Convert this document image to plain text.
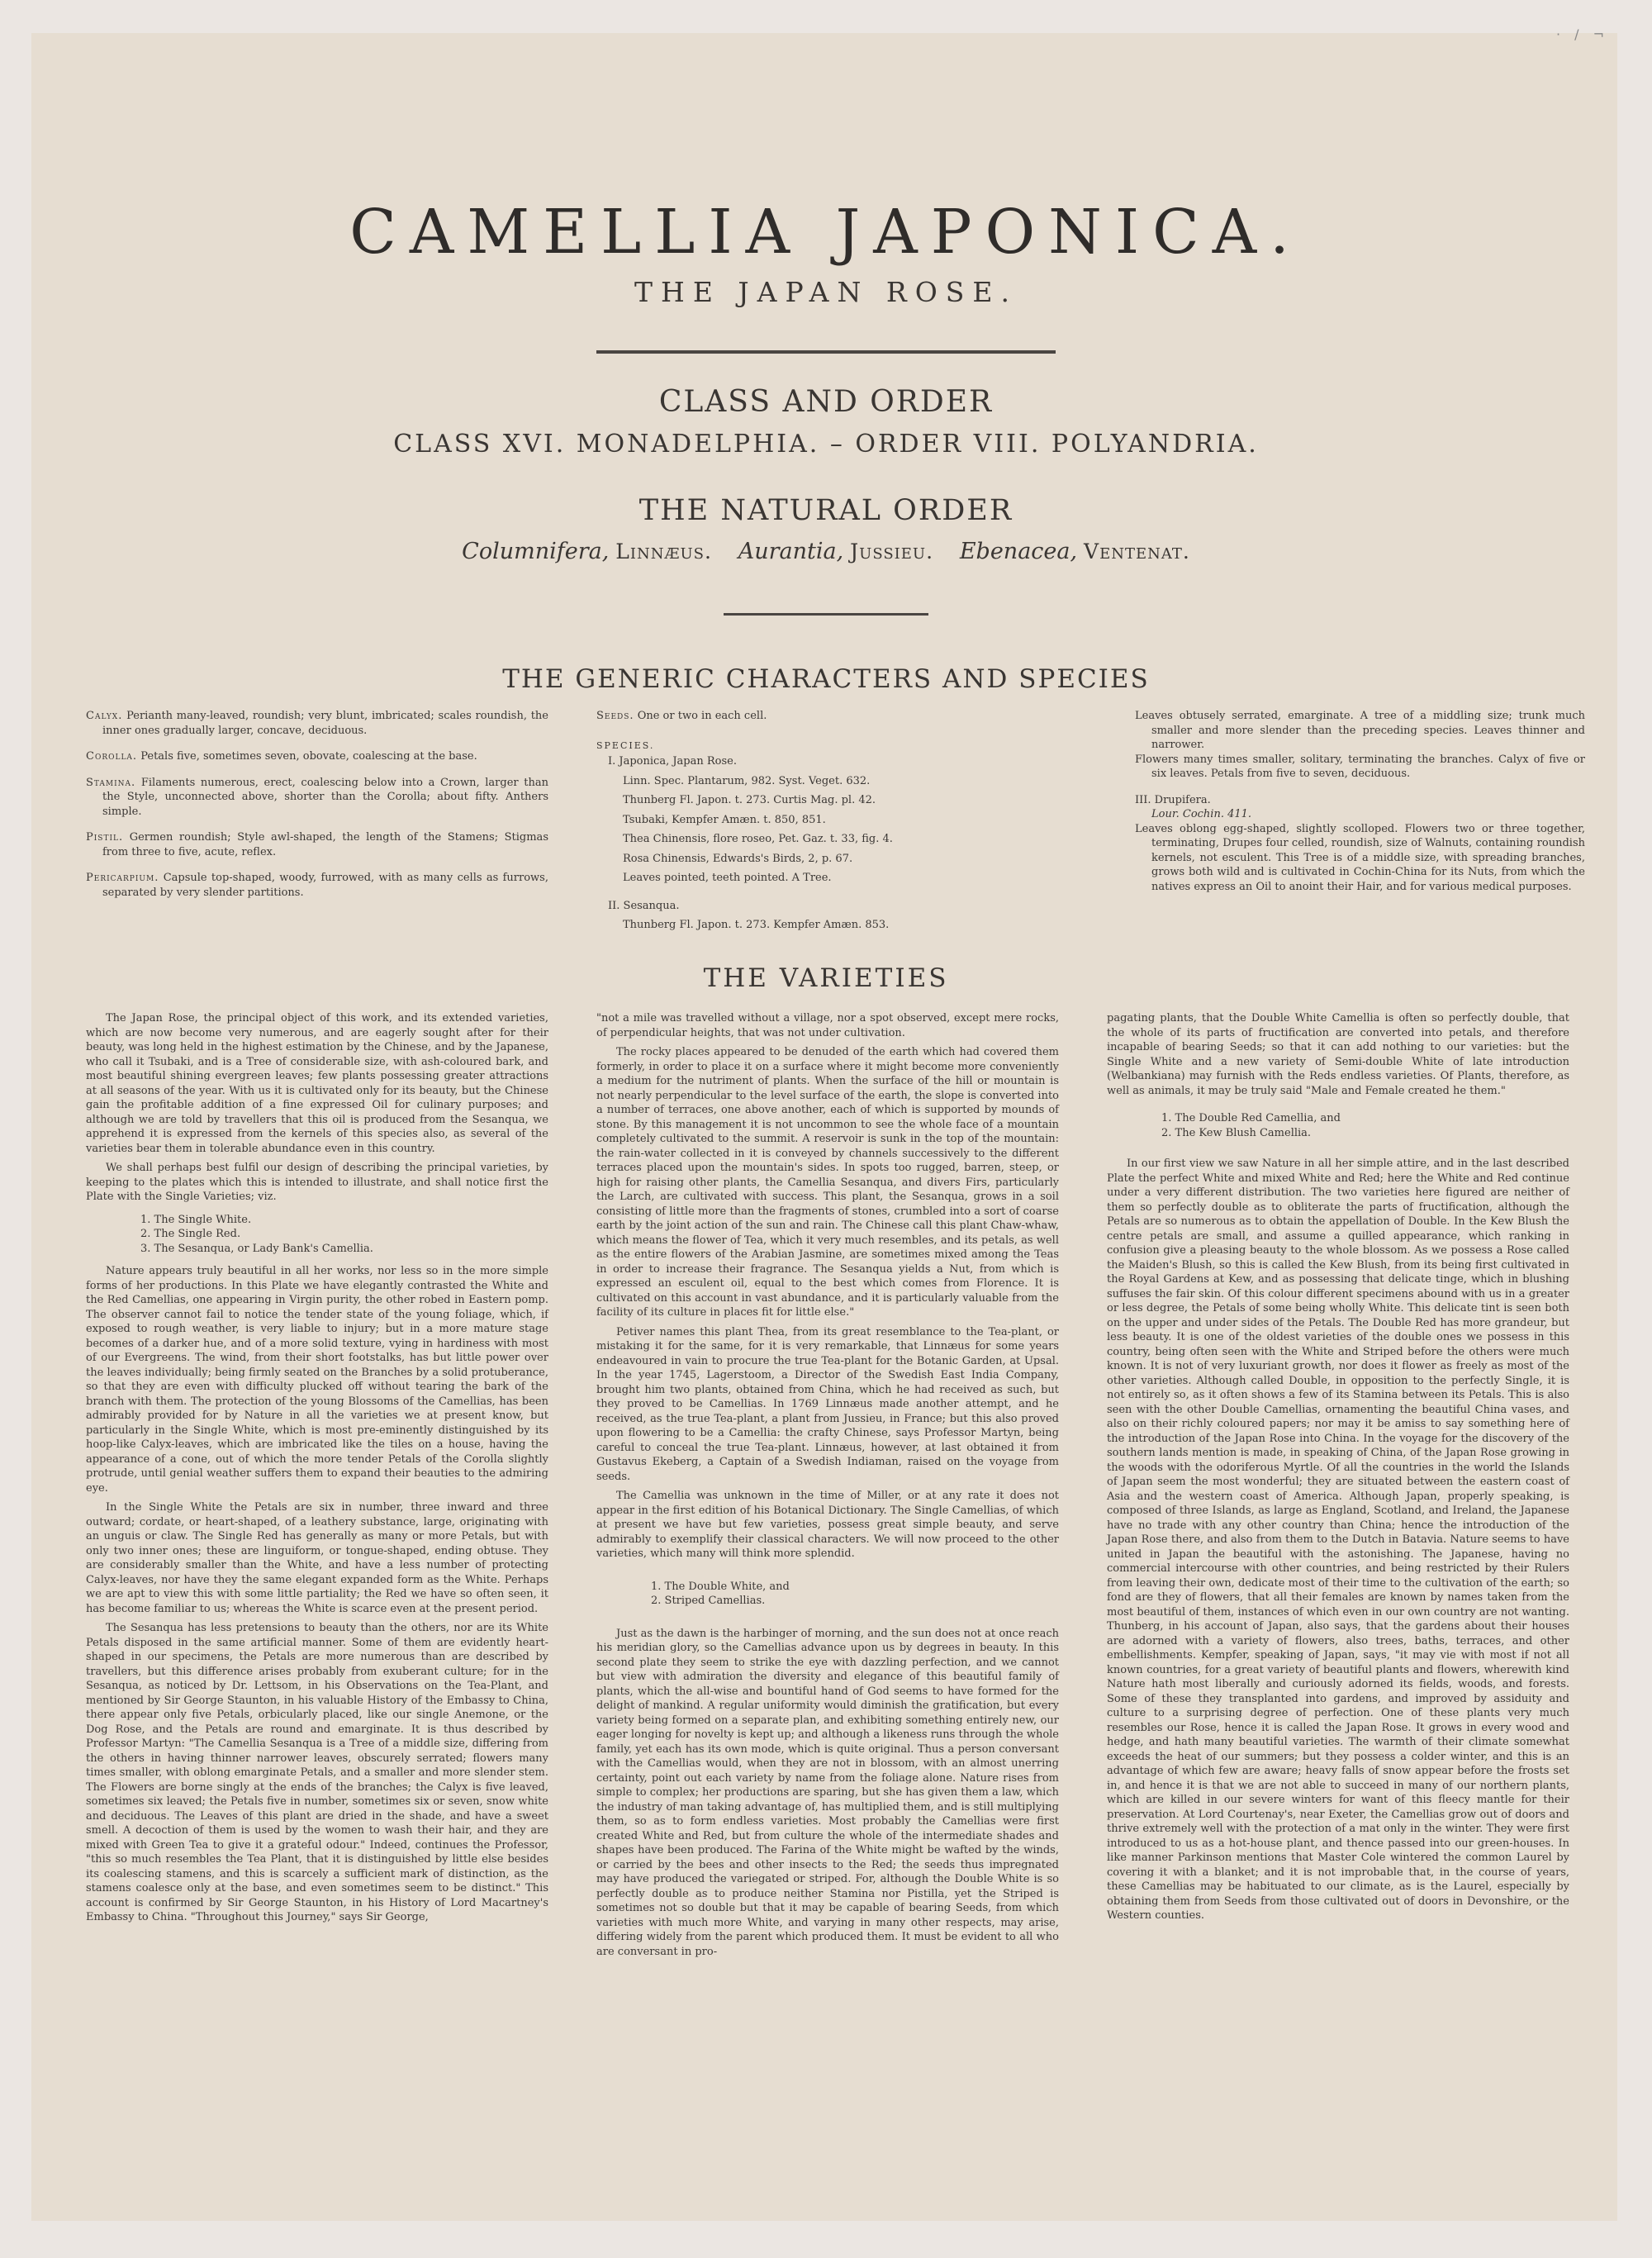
· / ¬
CAMELLIA JAPONICA.
THE JAPAN ROSE.
CLASS AND ORDER
CLASS XVI. MONADELPHIA. – ORDER VIII. POLYANDRIA.
THE NATURAL ORDER
Columnifera, Linnæus. Aurantia, Jussieu. Ebenacea, Ventenat.
THE GENERIC CHARACTERS AND SPECIES

Calyx. Perianth many-leaved, roundish; very blunt, imbricated; scales roundish, the inner ones gradually larger, concave, deciduous.

Corolla. Petals five, sometimes seven, obovate, coalescing at the base.

Stamina. Filaments numerous, erect, coalescing below into a Crown, larger than the Style, unconnected above, shorter than the Corolla; about fifty. Anthers simple.

Pistil. Germen roundish; Style awl-shaped, the length of the Stamens; Stigmas from three to five, acute, reflex.

Pericarpium. Capsule top-shaped, woody, furrowed, with as many cells as furrows, separated by very slender partitions.

Seeds. One or two in each cell.

SPECIES.

I. Japonica, Japan Rose.

Linn. Spec. Plantarum, 982. Syst. Veget. 632.

Thunberg Fl. Japon. t. 273. Curtis Mag. pl. 42.

Tsubaki, Kempfer Amæn. t. 850, 851.

Thea Chinensis, flore roseo, Pet. Gaz. t. 33, fig. 4.

Rosa Chinensis, Edwards's Birds, 2, p. 67.

Leaves pointed, teeth pointed. A Tree.

II. Sesanqua.

Thunberg Fl. Japon. t. 273. Kempfer Amæn. 853.

Leaves obtusely serrated, emarginate. A tree of a middling size; trunk much smaller and more slender than the preceding species. Leaves thinner and narrower.

Flowers many times smaller, solitary, terminating the branches. Calyx of five or six leaves. Petals from five to seven, deciduous.

III. Drupifera.

Lour. Cochin. 411.

Leaves oblong egg-shaped, slightly scolloped. Flowers two or three together, terminating, Drupes four celled, roundish, size of Walnuts, containing roundish kernels, not esculent. This Tree is of a middle size, with spreading branches, grows both wild and is cultivated in Cochin-China for its Nuts, from which the natives express an Oil to anoint their Hair, and for various medical purposes.

THE VARIETIES

The Japan Rose, the principal object of this work, and its extended varieties, which are now become very numerous, and are eagerly sought after for their beauty, was long held in the highest estimation by the Chinese, and by the Japanese, who call it Tsubaki, and is a Tree of considerable size, with ash-coloured bark, and most beautiful shining evergreen leaves; few plants possessing greater attractions at all seasons of the year. With us it is cultivated only for its beauty, but the Chinese gain the profitable addition of a fine expressed Oil for culinary purposes; and although we are told by travellers that this oil is produced from the Sesanqua, we apprehend it is expressed from the kernels of this species also, as several of the varieties bear them in tolerable abundance even in this country.

We shall perhaps best fulfil our design of describing the principal varieties, by keeping to the plates which this is intended to illustrate, and shall notice first the Plate with the Single Varieties; viz.

1. The Single White.
2. The Single Red.
3. The Sesanqua, or Lady Bank's Camellia.

Nature appears truly beautiful in all her works, nor less so in the more simple forms of her productions. In this Plate we have elegantly contrasted the White and the Red Camellias, one appearing in Virgin purity, the other robed in Eastern pomp. The observer cannot fail to notice the tender state of the young foliage, which, if exposed to rough weather, is very liable to injury; but in a more mature stage becomes of a darker hue, and of a more solid texture, vying in hardiness with most of our Evergreens. The wind, from their short footstalks, has but little power over the leaves individually; being firmly seated on the Branches by a solid protuberance, so that they are even with difficulty plucked off without tearing the bark of the branch with them. The protection of the young Blossoms of the Camellias, has been admirably provided for by Nature in all the varieties we at present know, but particularly in the Single White, which is most pre-eminently distinguished by its hoop-like Calyx-leaves, which are imbricated like the tiles on a house, having the appearance of a cone, out of which the more tender Petals of the Corolla slightly protrude, until genial weather suffers them to expand their beauties to the admiring eye.

In the Single White the Petals are six in number, three inward and three outward; cordate, or heart-shaped, of a leathery substance, large, originating with an unguis or claw. The Single Red has generally as many or more Petals, but with only two inner ones; these are linguiform, or tongue-shaped, ending obtuse. They are considerably smaller than the White, and have a less number of protecting Calyx-leaves, nor have they the same elegant expanded form as the White. Perhaps we are apt to view this with some little partiality; the Red we have so often seen, it has become familiar to us; whereas the White is scarce even at the present period.

The Sesanqua has less pretensions to beauty than the others, nor are its White Petals disposed in the same artificial manner. Some of them are evidently heart-shaped in our specimens, the Petals are more numerous than are described by travellers, but this difference arises probably from exuberant culture; for in the Sesanqua, as noticed by Dr. Lettsom, in his Observations on the Tea-Plant, and mentioned by Sir George Staunton, in his valuable History of the Embassy to China, there appear only five Petals, orbicularly placed, like our single Anemone, or the Dog Rose, and the Petals are round and emarginate. It is thus described by Professor Martyn: "The Camellia Sesanqua is a Tree of a middle size, differing from the others in having thinner narrower leaves, obscurely serrated; flowers many times smaller, with oblong emarginate Petals, and a smaller and more slender stem. The Flowers are borne singly at the ends of the branches; the Calyx is five leaved, sometimes six leaved; the Petals five in number, sometimes six or seven, snow white and deciduous. The Leaves of this plant are dried in the shade, and have a sweet smell. A decoction of them is used by the women to wash their hair, and they are mixed with Green Tea to give it a grateful odour." Indeed, continues the Professor, "this so much resembles the Tea Plant, that it is distinguished by little else besides its coalescing stamens, and this is scarcely a sufficient mark of distinction, as the stamens coalesce only at the base, and even sometimes seem to be distinct." This account is confirmed by Sir George Staunton, in his History of Lord Macartney's Embassy to China. "Throughout this Journey," says Sir George,

"not a mile was travelled without a village, nor a spot observed, except mere rocks, of perpendicular heights, that was not under cultivation.

The rocky places appeared to be denuded of the earth which had covered them formerly, in order to place it on a surface where it might become more conveniently a medium for the nutriment of plants. When the surface of the hill or mountain is not nearly perpendicular to the level surface of the earth, the slope is converted into a number of terraces, one above another, each of which is supported by mounds of stone. By this management it is not uncommon to see the whole face of a mountain completely cultivated to the summit. A reservoir is sunk in the top of the mountain: the rain-water collected in it is conveyed by channels successively to the different terraces placed upon the mountain's sides. In spots too rugged, barren, steep, or high for raising other plants, the Camellia Sesanqua, and divers Firs, particularly the Larch, are cultivated with success. This plant, the Sesanqua, grows in a soil consisting of little more than the fragments of stones, crumbled into a sort of coarse earth by the joint action of the sun and rain. The Chinese call this plant Chaw-whaw, which means the flower of Tea, which it very much resembles, and its petals, as well as the entire flowers of the Arabian Jasmine, are sometimes mixed among the Teas in order to increase their fragrance. The Sesanqua yields a Nut, from which is expressed an esculent oil, equal to the best which comes from Florence. It is cultivated on this account in vast abundance, and it is particularly valuable from the facility of its culture in places fit for little else."

Petiver names this plant Thea, from its great resemblance to the Tea-plant, or mistaking it for the same, for it is very remarkable, that Linnæus for some years endeavoured in vain to procure the true Tea-plant for the Botanic Garden, at Upsal. In the year 1745, Lagerstoom, a Director of the Swedish East India Company, brought him two plants, obtained from China, which he had received as such, but they proved to be Camellias. In 1769 Linnæus made another attempt, and he received, as the true Tea-plant, a plant from Jussieu, in France; but this also proved upon flowering to be a Camellia: the crafty Chinese, says Professor Martyn, being careful to conceal the true Tea-plant. Linnæus, however, at last obtained it from Gustavus Ekeberg, a Captain of a Swedish Indiaman, raised on the voyage from seeds.

The Camellia was unknown in the time of Miller, or at any rate it does not appear in the first edition of his Botanical Dictionary. The Single Camellias, of which at present we have but few varieties, possess great simple beauty, and serve admirably to exemplify their classical characters. We will now proceed to the other varieties, which many will think more splendid.

1. The Double White, and
2. Striped Camellias.

Just as the dawn is the harbinger of morning, and the sun does not at once reach his meridian glory, so the Camellias advance upon us by degrees in beauty. In this second plate they seem to strike the eye with dazzling perfection, and we cannot but view with admiration the diversity and elegance of this beautiful family of plants, which the all-wise and bountiful hand of God seems to have formed for the delight of mankind. A regular uniformity would diminish the gratification, but every variety being formed on a separate plan, and exhibiting something entirely new, our eager longing for novelty is kept up; and although a likeness runs through the whole family, yet each has its own mode, which is quite original. Thus a person conversant with the Camellias would, when they are not in blossom, with an almost unerring certainty, point out each variety by name from the foliage alone. Nature rises from simple to complex; her productions are sparing, but she has given them a law, which the industry of man taking advantage of, has multiplied them, and is still multiplying them, so as to form endless varieties. Most probably the Camellias were first created White and Red, but from culture the whole of the intermediate shades and shapes have been produced. The Farina of the White might be wafted by the winds, or carried by the bees and other insects to the Red; the seeds thus impregnated may have produced the variegated or striped. For, although the Double White is so perfectly double as to produce neither Stamina nor Pistilla, yet the Striped is sometimes not so double but that it may be capable of bearing Seeds, from which varieties with much more White, and varying in many other respects, may arise, differing widely from the parent which produced them. It must be evident to all who are conversant in pro-

pagating plants, that the Double White Camellia is often so perfectly double, that the whole of its parts of fructification are converted into petals, and therefore incapable of bearing Seeds; so that it can add nothing to our varieties: but the Single White and a new variety of Semi-double White of late introduction (Welbankiana) may furnish with the Reds endless varieties. Of Plants, therefore, as well as animals, it may be truly said "Male and Female created he them."

1. The Double Red Camellia, and
2. The Kew Blush Camellia.

In our first view we saw Nature in all her simple attire, and in the last described Plate the perfect White and mixed White and Red; here the White and Red continue under a very different distribution. The two varieties here figured are neither of them so perfectly double as to obliterate the parts of fructification, although the Petals are so numerous as to obtain the appellation of Double. In the Kew Blush the centre petals are small, and assume a quilled appearance, which ranking in confusion give a pleasing beauty to the whole blossom. As we possess a Rose called the Maiden's Blush, so this is called the Kew Blush, from its being first cultivated in the Royal Gardens at Kew, and as possessing that delicate tinge, which in blushing suffuses the fair skin. Of this colour different specimens abound with us in a greater or less degree, the Petals of some being wholly White. This delicate tint is seen both on the upper and under sides of the Petals. The Double Red has more grandeur, but less beauty. It is one of the oldest varieties of the double ones we possess in this country, being often seen with the White and Striped before the others were much known. It is not of very luxuriant growth, nor does it flower as freely as most of the other varieties. Although called Double, in opposition to the perfectly Single, it is not entirely so, as it often shows a few of its Stamina between its Petals. This is also seen with the other Double Camellias, ornamenting the beautiful China vases, and also on their richly coloured papers; nor may it be amiss to say something here of the introduction of the Japan Rose into China. In the voyage for the discovery of the southern lands mention is made, in speaking of China, of the Japan Rose growing in the woods with the odoriferous Myrtle. Of all the countries in the world the Islands of Japan seem the most wonderful; they are situated between the eastern coast of Asia and the western coast of America. Although Japan, properly speaking, is composed of three Islands, as large as England, Scotland, and Ireland, the Japanese have no trade with any other country than China; hence the introduction of the Japan Rose there, and also from them to the Dutch in Batavia. Nature seems to have united in Japan the beautiful with the astonishing. The Japanese, having no commercial intercourse with other countries, and being restricted by their Rulers from leaving their own, dedicate most of their time to the cultivation of the earth; so fond are they of flowers, that all their females are known by names taken from the most beautiful of them, instances of which even in our own country are not wanting. Thunberg, in his account of Japan, also says, that the gardens about their houses are adorned with a variety of flowers, also trees, baths, terraces, and other embellishments. Kempfer, speaking of Japan, says, "it may vie with most if not all known countries, for a great variety of beautiful plants and flowers, wherewith kind Nature hath most liberally and curiously adorned its fields, woods, and forests. Some of these they transplanted into gardens, and improved by assiduity and culture to a surprising degree of perfection. One of these plants very much resembles our Rose, hence it is called the Japan Rose. It grows in every wood and hedge, and hath many beautiful varieties. The warmth of their climate somewhat exceeds the heat of our summers; but they possess a colder winter, and this is an advantage of which few are aware; heavy falls of snow appear before the frosts set in, and hence it is that we are not able to succeed in many of our northern plants, which are killed in our severe winters for want of this fleecy mantle for their preservation. At Lord Courtenay's, near Exeter, the Camellias grow out of doors and thrive extremely well with the protection of a mat only in the winter. They were first introduced to us as a hot-house plant, and thence passed into our green-houses. In like manner Parkinson mentions that Master Cole wintered the common Laurel by covering it with a blanket; and it is not improbable that, in the course of years, these Camellias may be habituated to our climate, as is the Laurel, especially by obtaining them from Seeds from those cultivated out of doors in Devonshire, or the Western counties.
